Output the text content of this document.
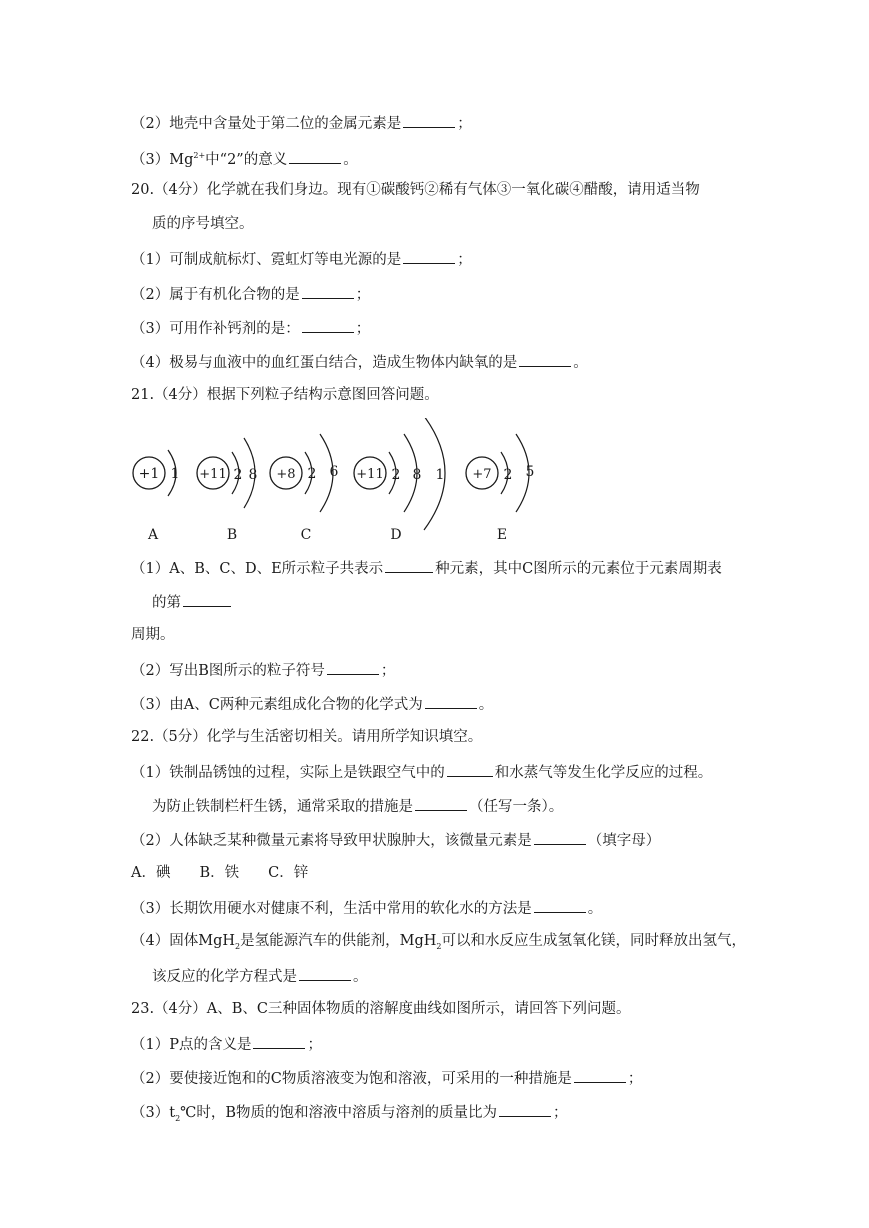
（2）地壳中含量处于第二位的金属元素是	；
$(3)Mg^{2+}$中“2”的意义	。
20.（4分）化学就在我们身边。现有①碳酸钙②稀有气体③一氧化碳④醋酸，请用适当物
质的序号填空。
（1）可制成航标灯、霓虹灯等电光源的是	；
（2）属于有机化合物的是	；
（3）可用作补钙剂的是：	；
（4）极易与血液中的血红蛋白结合，造成生物体内缺氧的是	。
21.（4分）根据下列粒子结构示意图回答问题。
+1 1
A
+11 2 8
B
+8 2 6
C
+11 2 8 1
D
+7 2 5
E
（1）A、B、C、D、E所示粒子共表示	种元素，其中C图所示的元素位于元素周期表
的第
周期。
（2）写出B图所示的粒子符号	；
（3）由A、C两种元素组成化合物的化学式为	。
22.（5分）化学与生活密切相关。请用所学知识填空。
（1）铁制品锈蚀的过程，实际上是铁跟空气中的	和水蒸气等发生化学反应的过程。
为防止铁制栏杆生锈，通常采取的措施是	（任写一条）。
（2）人体缺乏某种微量元素将导致甲状腺肿大，该微量元素是	（填字母）
A．碘　　B．铁　　C．锌
（3）长期饮用硬水对健康不利，生活中常用的软化水的方法是	。
（4）固体MgH$_2$是氢能源汽车的供能剂，MgH$_2$可以和水反应生成氢氧化镁，同时释放出氢气，
该反应的化学方程式是	。
23.（4分）A、B、C三种固体物质的溶解度曲线如图所示，请回答下列问题。
（1）P点的含义是	；
（2）要使接近饱和的C物质溶液变为饱和溶液，可采用的一种措施是	；
$(3)t_2℃$时，B物质的饱和溶液中溶质与溶剂的质量比为	；
